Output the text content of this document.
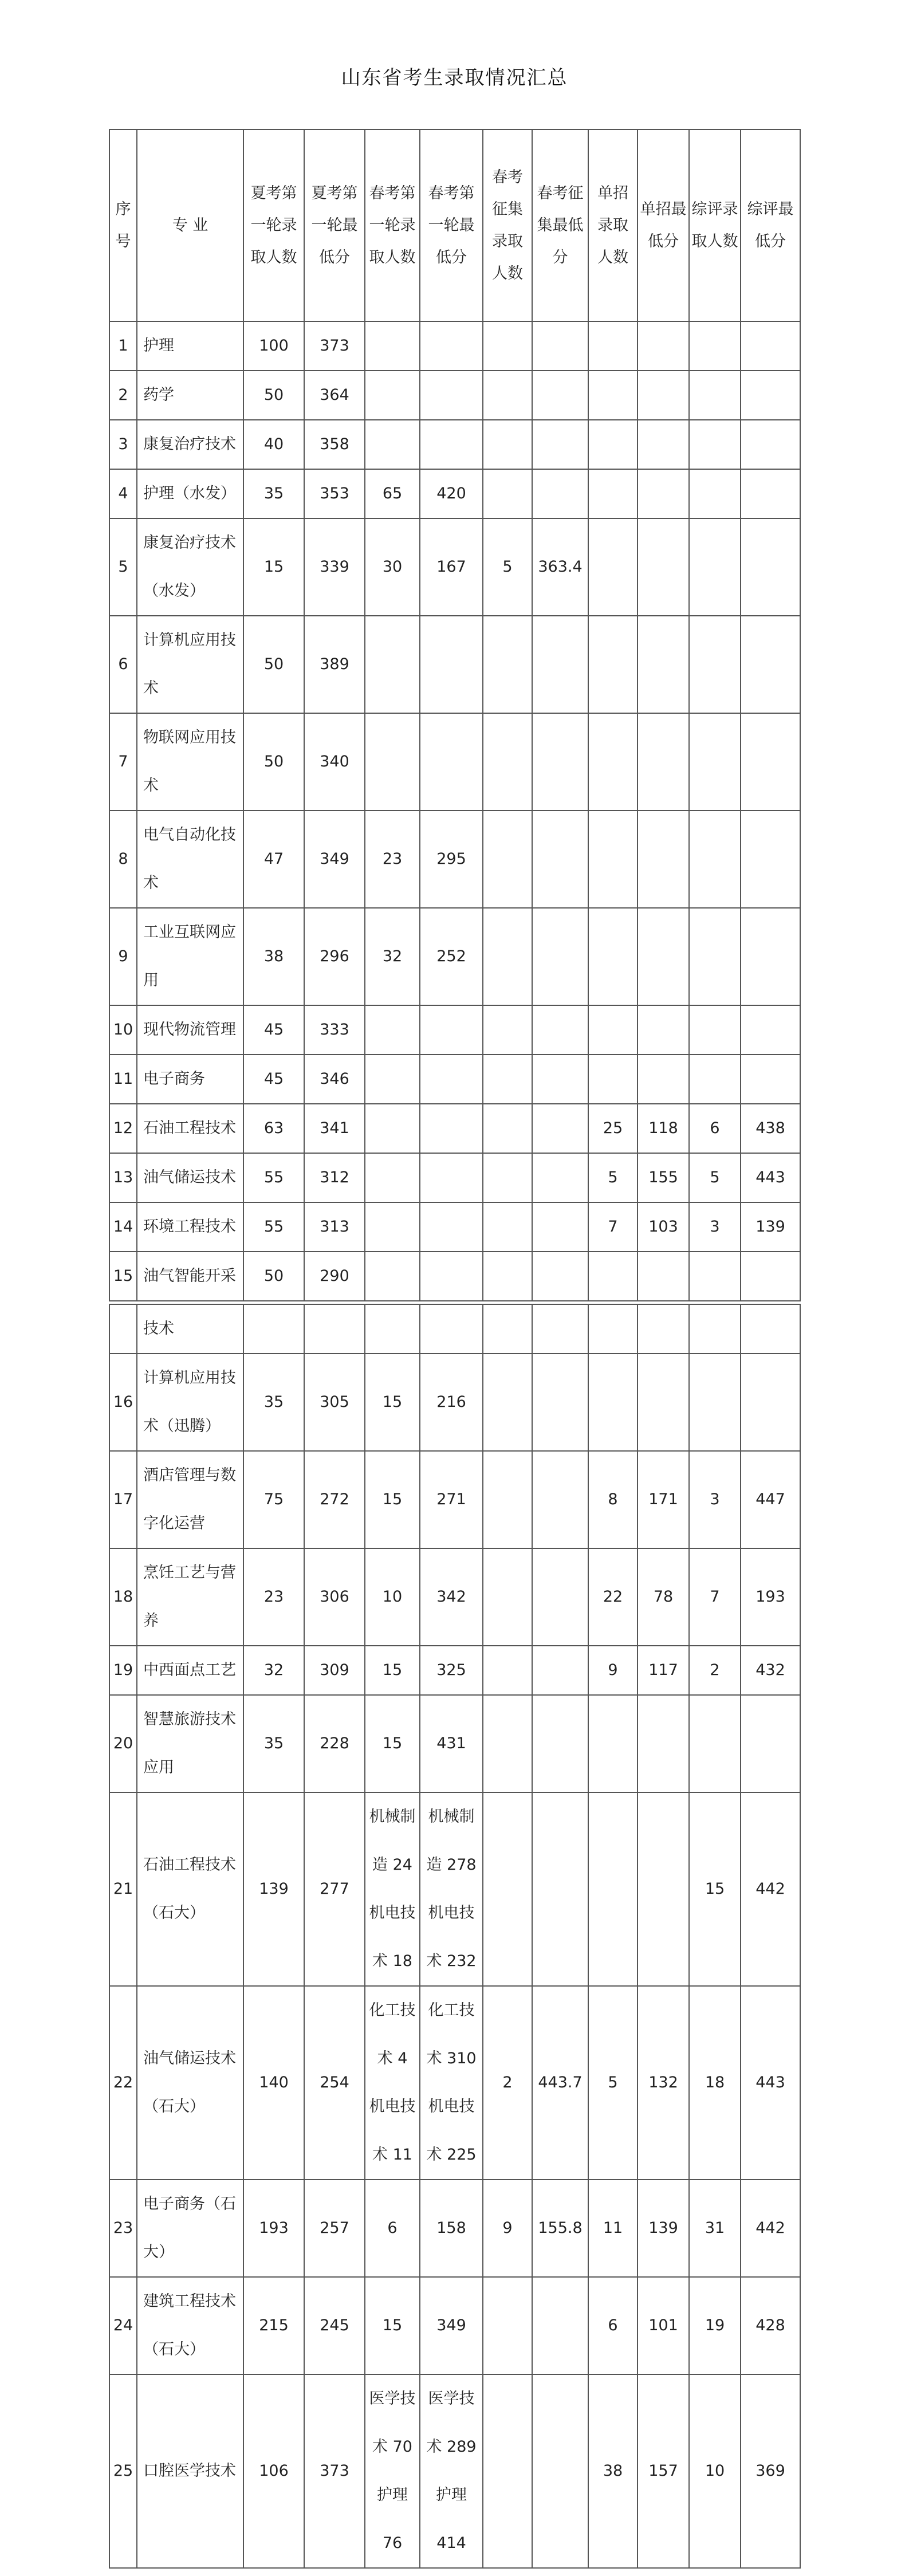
山东省考生录取情况汇总
序号	专 业	夏考第一轮录取人数	夏考第一轮最低分	春考第一轮录取人数	春考第一轮最低分	春考征集录取人数	春考征集最低分	单招录取人数	单招最低分	综评录取人数	综评最低分
1	护理	100	373								
2	药学	50	364								
3	康复治疗技术	40	358								
4	护理（水发）	35	353	65	420						
5	康复治疗技术（水发）	15	339	30	167	5	363.4				
6	计算机应用技术	50	389								
7	物联网应用技术	50	340								
8	电气自动化技术	47	349	23	295						
9	工业互联网应用	38	296	32	252						
10	现代物流管理	45	333								
11	电子商务	45	346								
12	石油工程技术	63	341					25	118	6	438
13	油气储运技术	55	312					5	155	5	443
14	环境工程技术	55	313					7	103	3	139
15	油气智能开采	50	290								

	技术										
16	计算机应用技术（迅腾）	35	305	15	216						
17	酒店管理与数字化运营	75	272	15	271			8	171	3	447
18	烹饪工艺与营养	23	306	10	342			22	78	7	193
19	中西面点工艺	32	309	15	325			9	117	2	432
20	智慧旅游技术应用	35	228	15	431						
21	石油工程技术（石大）	139	277	机械制造 24 机电技术 18	机械制造 278 机电技术 232					15	442
22	油气储运技术（石大）	140	254	化工技术 4 机电技术 11	化工技术 310 机电技术 225	2	443.7	5	132	18	443
23	电子商务（石大）	193	257	6	158	9	155.8	11	139	31	442
24	建筑工程技术（石大）	215	245	15	349			6	101	19	428
25	口腔医学技术	106	373	医学技术 70 护理 76	医学技术 289 护理 414			38	157	10	369
